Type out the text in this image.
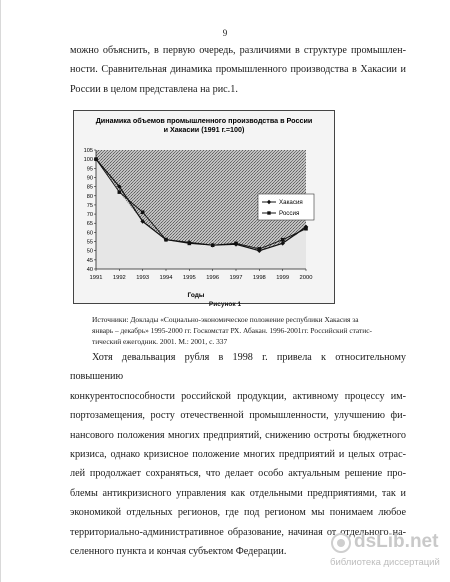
9

можно объяснить, в первую очередь, различиями в структуре промышлен-
ности. Сравнительная динамика промышленного производства в Хакасии и
России в целом представлена на рис.1.

Динамика объемов промышленного производства в России
и Хакасии (1991 г.=100)
40
45
50
55
60
65
70
75
80
85
90
95
100
105
1991 1992 1993 1994 1995 1996 1997 1998 1999 2000
Хакасия
Россия
Годы
Рисунок 1

Источники: Доклады «Социально-экономическое положение республики Хакасия за
январь – декабрь» 1995-2000 гг. Госкомстат РХ. Абакан. 1996-2001гг. Российский статис-
тический ежегодник. 2001. М.: 2001, с. 337

Хотя девальвация рубля в 1998 г. привела к относительному повышению
конкурентоспособности российской продукции, активному процессу им-
портозамещения, росту отечественной промышленности, улучшению фи-
нансового положения многих предприятий, снижению остроты бюджетного
кризиса, однако кризисное положение многих предприятий и целых отрас-
лей продолжает сохраняться, что делает особо актуальным решение про-
блемы антикризисного управления как отдельными предприятиями, так и
экономикой отдельных регионов, где под регионом мы понимаем любое
территориально-административное образование, начиная от отдельного на-
селенного пункта и кончая субъектом Федерации.	dsLib.net
библиотека диссертаций
